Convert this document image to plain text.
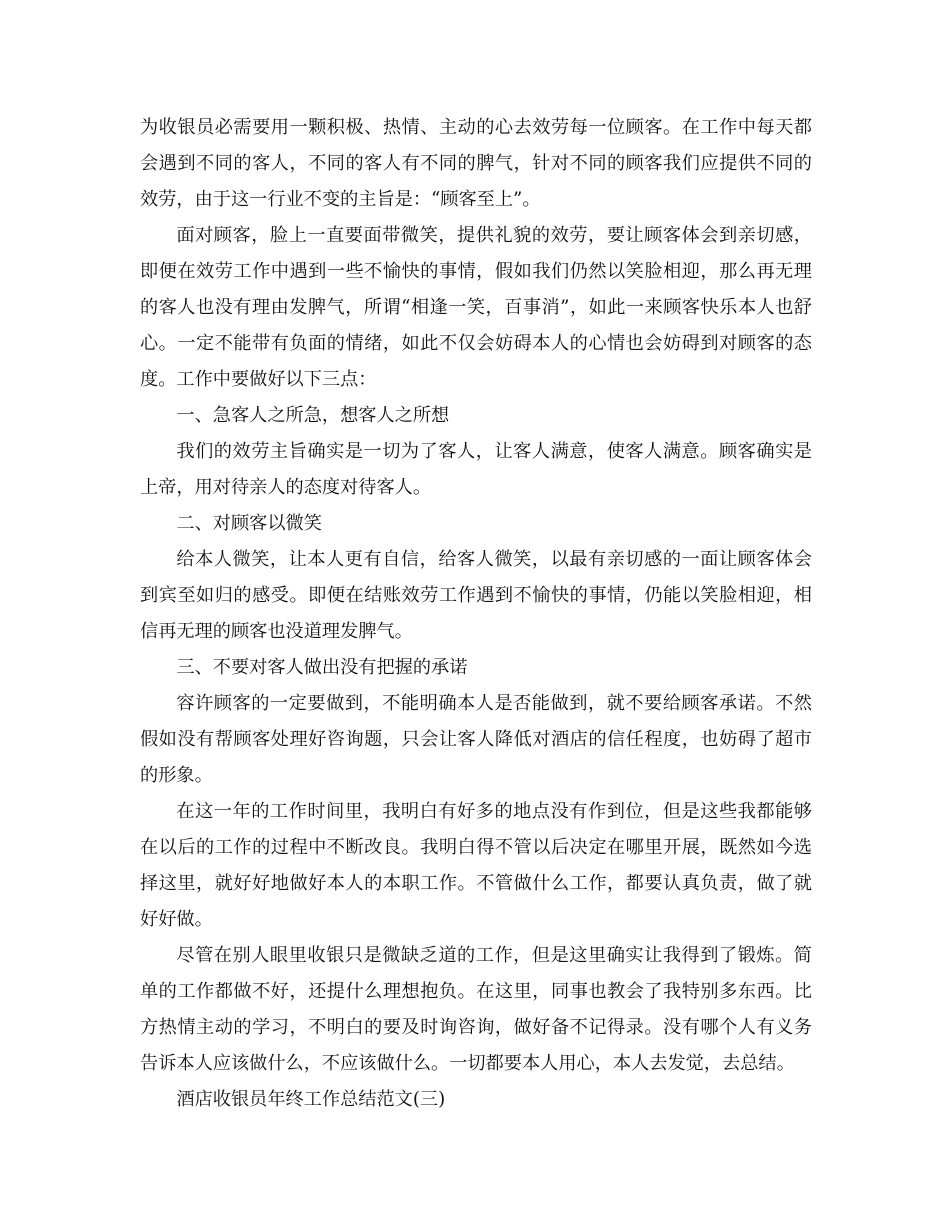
为收银员必需要用一颗积极、热情、主动的心去效劳每一位顾客。在工作中每天都会遇到不同的客人，不同的客人有不同的脾气，针对不同的顾客我们应提供不同的效劳，由于这一行业不变的主旨是：“顾客至上”。

面对顾客，脸上一直要面带微笑，提供礼貌的效劳，要让顾客体会到亲切感，即便在效劳工作中遇到一些不愉快的事情，假如我们仍然以笑脸相迎，那么再无理的客人也没有理由发脾气，所谓“相逢一笑，百事消”，如此一来顾客快乐本人也舒心。一定不能带有负面的情绪，如此不仅会妨碍本人的心情也会妨碍到对顾客的态度。工作中要做好以下三点：

一、急客人之所急，想客人之所想

我们的效劳主旨确实是一切为了客人，让客人满意，使客人满意。顾客确实是上帝，用对待亲人的态度对待客人。

二、对顾客以微笑

给本人微笑，让本人更有自信，给客人微笑，以最有亲切感的一面让顾客体会到宾至如归的感受。即便在结账效劳工作遇到不愉快的事情，仍能以笑脸相迎，相信再无理的顾客也没道理发脾气。

三、不要对客人做出没有把握的承诺

容许顾客的一定要做到，不能明确本人是否能做到，就不要给顾客承诺。不然假如没有帮顾客处理好咨询题，只会让客人降低对酒店的信任程度，也妨碍了超市的形象。

在这一年的工作时间里，我明白有好多的地点没有作到位，但是这些我都能够在以后的工作的过程中不断改良。我明白得不管以后决定在哪里开展，既然如今选择这里，就好好地做好本人的本职工作。不管做什么工作，都要认真负责，做了就好好做。

尽管在别人眼里收银只是微缺乏道的工作，但是这里确实让我得到了锻炼。简单的工作都做不好，还提什么理想抱负。在这里，同事也教会了我特别多东西。比方热情主动的学习，不明白的要及时询咨询，做好备不记得录。没有哪个人有义务告诉本人应该做什么，不应该做什么。一切都要本人用心，本人去发觉，去总结。

酒店收银员年终工作总结范文(三)
